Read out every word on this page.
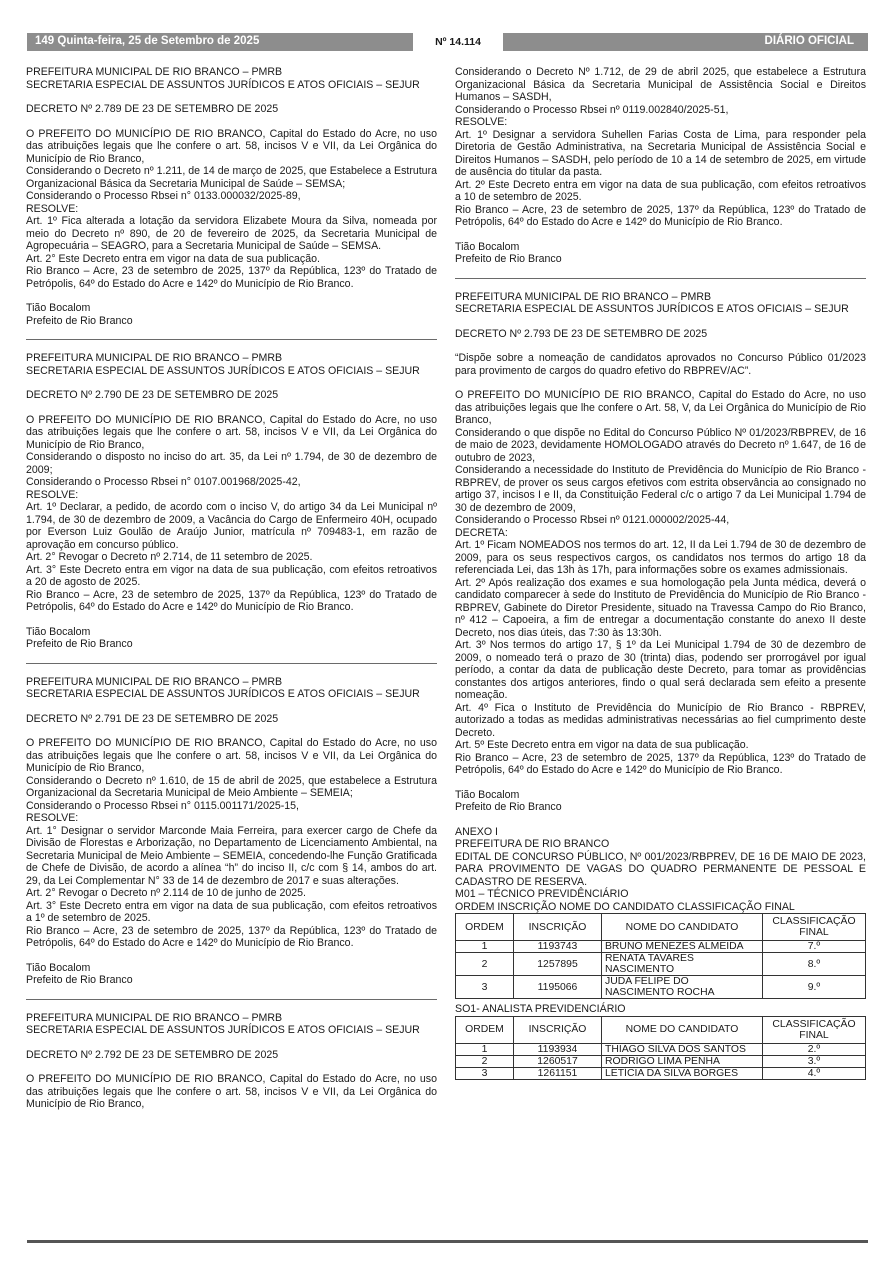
149 Quinta-feira, 25 de Setembro de 2025	Nº 14.114	DIÁRIO OFICIAL

PREFEITURA MUNICIPAL DE RIO BRANCO – PMRB

SECRETARIA ESPECIAL DE ASSUNTOS JURÍDICOS E ATOS OFICIAIS – SEJUR

DECRETO Nº 2.789 DE 23 DE SETEMBRO DE 2025

O PREFEITO DO MUNICÍPIO DE RIO BRANCO, Capital do Estado do Acre, no uso das atribuições legais que lhe confere o art. 58, incisos V e VII, da Lei Orgânica do Município de Rio Branco,

Considerando o Decreto nº 1.211, de 14 de março de 2025, que Estabelece a Estrutura Organizacional Básica da Secretaria Municipal de Saúde – SEMSA;

Considerando o Processo Rbsei n° 0133.000032/2025-89,

RESOLVE:

Art. 1º Fica alterada a lotação da servidora Elizabete Moura da Silva, nomeada por meio do Decreto nº 890, de 20 de fevereiro de 2025, da Secretaria Municipal de Agropecuária – SEAGRO, para a Secretaria Municipal de Saúde – SEMSA.

Art. 2° Este Decreto entra em vigor na data de sua publicação.

Rio Branco – Acre, 23 de setembro de 2025, 137º da República, 123º do Tratado de Petrópolis, 64º do Estado do Acre e 142º do Município de Rio Branco.

Tião Bocalom

Prefeito de Rio Branco

PREFEITURA MUNICIPAL DE RIO BRANCO – PMRB

SECRETARIA ESPECIAL DE ASSUNTOS JURÍDICOS E ATOS OFICIAIS – SEJUR

DECRETO Nº 2.790 DE 23 DE SETEMBRO DE 2025

O PREFEITO DO MUNICÍPIO DE RIO BRANCO, Capital do Estado do Acre, no uso das atribuições legais que lhe confere o art. 58, incisos V e VII, da Lei Orgânica do Município de Rio Branco,

Considerando o disposto no inciso do art. 35, da Lei nº 1.794, de 30 de dezembro de 2009;

Considerando o Processo Rbsei n° 0107.001968/2025-42,

RESOLVE:

Art. 1º Declarar, a pedido, de acordo com o inciso V, do artigo 34 da Lei Municipal nº 1.794, de 30 de dezembro de 2009, a Vacância do Cargo de Enfermeiro 40H, ocupado por Everson Luiz Goulão de Araújo Junior, matrícula nº 709483-1, em razão de aprovação em concurso público.

Art. 2° Revogar o Decreto nº 2.714, de 11 setembro de 2025.

Art. 3° Este Decreto entra em vigor na data de sua publicação, com efeitos retroativos a 20 de agosto de 2025.

Rio Branco – Acre, 23 de setembro de 2025, 137º da República, 123º do Tratado de Petrópolis, 64º do Estado do Acre e 142º do Município de Rio Branco.

Tião Bocalom

Prefeito de Rio Branco

PREFEITURA MUNICIPAL DE RIO BRANCO – PMRB

SECRETARIA ESPECIAL DE ASSUNTOS JURÍDICOS E ATOS OFICIAIS – SEJUR

DECRETO Nº 2.791 DE 23 DE SETEMBRO DE 2025

O PREFEITO DO MUNICÍPIO DE RIO BRANCO, Capital do Estado do Acre, no uso das atribuições legais que lhe confere o art. 58, incisos V e VII, da Lei Orgânica do Município de Rio Branco,

Considerando o Decreto nº 1.610, de 15 de abril de 2025, que estabelece a Estrutura Organizacional da Secretaria Municipal de Meio Ambiente – SEMEIA;

Considerando o Processo Rbsei n° 0115.001171/2025-15,

RESOLVE:

Art. 1° Designar o servidor Marconde Maia Ferreira, para exercer cargo de Chefe da Divisão de Florestas e Arborização, no Departamento de Licenciamento Ambiental, na Secretaria Municipal de Meio Ambiente – SEMEIA, concedendo-lhe Função Gratificada de Chefe de Divisão, de acordo a alínea “h” do inciso II, c/c com § 14, ambos do art. 29, da Lei Complementar N° 33 de 14 de dezembro de 2017 e suas alterações.

Art. 2° Revogar o Decreto nº 2.114 de 10 de junho de 2025.

Art. 3° Este Decreto entra em vigor na data de sua publicação, com efeitos retroativos a 1º de setembro de 2025.

Rio Branco – Acre, 23 de setembro de 2025, 137º da República, 123º do Tratado de Petrópolis, 64º do Estado do Acre e 142º do Município de Rio Branco.

Tião Bocalom

Prefeito de Rio Branco

PREFEITURA MUNICIPAL DE RIO BRANCO – PMRB

SECRETARIA ESPECIAL DE ASSUNTOS JURÍDICOS E ATOS OFICIAIS – SEJUR

DECRETO Nº 2.792 DE 23 DE SETEMBRO DE 2025

O PREFEITO DO MUNICÍPIO DE RIO BRANCO, Capital do Estado do Acre, no uso das atribuições legais que lhe confere o art. 58, incisos V e VII, da Lei Orgânica do Município de Rio Branco,

Considerando o Decreto Nº 1.712, de 29 de abril 2025, que estabelece a Estrutura Organizacional Básica da Secretaria Municipal de Assistência Social e Direitos Humanos – SASDH,

Considerando o Processo Rbsei nº 0119.002840/2025-51,

RESOLVE:

Art. 1º Designar a servidora Suhellen Farias Costa de Lima, para responder pela Diretoria de Gestão Administrativa, na Secretaria Municipal de Assistência Social e Direitos Humanos – SASDH, pelo período de 10 a 14 de setembro de 2025, em virtude de ausência do titular da pasta.

Art. 2º Este Decreto entra em vigor na data de sua publicação, com efeitos retroativos a 10 de setembro de 2025.

Rio Branco – Acre, 23 de setembro de 2025, 137º da República, 123º do Tratado de Petrópolis, 64º do Estado do Acre e 142º do Município de Rio Branco.

Tião Bocalom

Prefeito de Rio Branco

PREFEITURA MUNICIPAL DE RIO BRANCO – PMRB

SECRETARIA ESPECIAL DE ASSUNTOS JURÍDICOS E ATOS OFICIAIS – SEJUR

DECRETO Nº 2.793 DE 23 DE SETEMBRO DE 2025

“Dispõe sobre a nomeação de candidatos aprovados no Concurso Público 01/2023 para provimento de cargos do quadro efetivo do RBPREV/AC”.

O PREFEITO DO MUNICÍPIO DE RIO BRANCO, Capital do Estado do Acre, no uso das atribuições legais que lhe confere o Art. 58, V, da Lei Orgânica do Município de Rio Branco,

Considerando o que dispõe no Edital do Concurso Público Nº 01/2023/RBPREV, de 16 de maio de 2023, devidamente HOMOLOGADO através do Decreto nº 1.647, de 16 de outubro de 2023,

Considerando a necessidade do Instituto de Previdência do Município de Rio Branco - RBPREV, de prover os seus cargos efetivos com estrita observância ao consignado no artigo 37, incisos I e II, da Constituição Federal c/c o artigo 7 da Lei Municipal 1.794 de 30 de dezembro de 2009,

Considerando o Processo Rbsei nº 0121.000002/2025-44,

DECRETA:

Art. 1º Ficam NOMEADOS nos termos do art. 12, II da Lei 1.794 de 30 de dezembro de 2009, para os seus respectivos cargos, os candidatos nos termos do artigo 18 da referenciada Lei, das 13h às 17h, para informações sobre os exames admissionais.

Art. 2º Após realização dos exames e sua homologação pela Junta médica, deverá o candidato comparecer à sede do Instituto de Previdência do Município de Rio Branco - RBPREV, Gabinete do Diretor Presidente, situado na Travessa Campo do Rio Branco, nº 412 – Capoeira, a fim de entregar a documentação constante do anexo II deste Decreto, nos dias úteis, das 7:30 às 13:30h.

Art. 3º Nos termos do artigo 17, § 1º da Lei Municipal 1.794 de 30 de dezembro de 2009, o nomeado terá o prazo de 30 (trinta) dias, podendo ser prorrogável por igual período, a contar da data de publicação deste Decreto, para tomar as providências constantes dos artigos anteriores, findo o qual será declarada sem efeito a presente nomeação.

Art. 4º Fica o Instituto de Previdência do Município de Rio Branco - RBPREV, autorizado a todas as medidas administrativas necessárias ao fiel cumprimento deste Decreto.

Art. 5º Este Decreto entra em vigor na data de sua publicação.

Rio Branco – Acre, 23 de setembro de 2025, 137º da República, 123º do Tratado de Petrópolis, 64º do Estado do Acre e 142º do Município de Rio Branco.

Tião Bocalom

Prefeito de Rio Branco

ANEXO I

PREFEITURA DE RIO BRANCO

EDITAL DE CONCURSO PÚBLICO, Nº 001/2023/RBPREV, DE 16 DE MAIO DE 2023, PARA PROVIMENTO DE VAGAS DO QUADRO PERMANENTE DE PESSOAL E CADASTRO DE RESERVA.

M01 – TÉCNICO PREVIDÊNCIÁRIO

ORDEM INSCRIÇÃO NOME DO CANDIDATO CLASSIFICAÇÃO FINAL

ORDEM	INSCRIÇÃO	NOME DO CANDIDATO	CLASSIFICAÇÃO FINAL
1	1193743	BRUNO MENEZES ALMEIDA	7.º
2	1257895	RENATA TAVARES NASCIMENTO	8.º
3	1195066	JUDA FELIPE DO NASCIMENTO ROCHA	9.º

SO1- ANALISTA PREVIDENCIÁRIO

ORDEM	INSCRIÇÃO	NOME DO CANDIDATO	CLASSIFICAÇÃO FINAL
1	1193934	THIAGO SILVA DOS SANTOS	2.º
2	1260517	RODRIGO LIMA PENHA	3.º
3	1261151	LETÍCIA DA SILVA BORGES	4.º
